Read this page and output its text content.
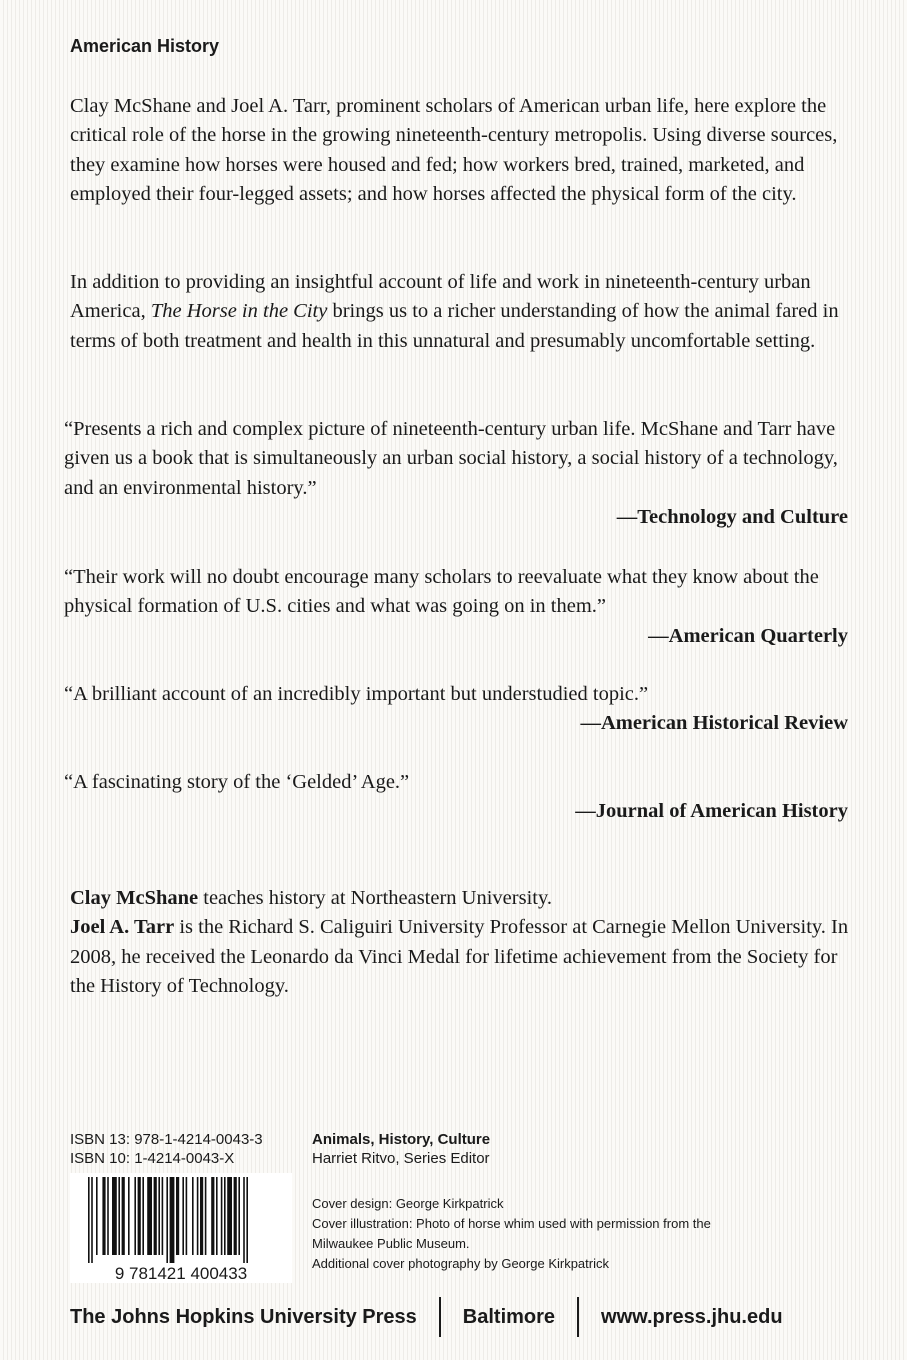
American History
Clay McShane and Joel A. Tarr, prominent scholars of American urban life, here explore the critical role of the horse in the growing nineteenth-century metropolis. Using diverse sources, they examine how horses were housed and fed; how workers bred, trained, marketed, and employed their four-legged assets; and how horses affected the physical form of the city.
In addition to providing an insightful account of life and work in nineteenth-century urban America, The Horse in the City brings us to a richer understanding of how the animal fared in terms of both treatment and health in this unnatural and presumably uncomfortable setting.
“Presents a rich and complex picture of nineteenth-century urban life. McShane and Tarr have given us a book that is simultaneously an urban social history, a social history of a technology, and an environmental history.”
—Technology and Culture
“Their work will no doubt encourage many scholars to reevaluate what they know about the physical formation of U.S. cities and what was going on in them.”
—American Quarterly
“A brilliant account of an incredibly important but understudied topic.”
—American Historical Review
“A fascinating story of the ‘Gelded’ Age.”
—Journal of American History
Clay McShane teaches history at Northeastern University.
Joel A. Tarr is the Richard S. Caliguiri University Professor at Carnegie Mellon University. In 2008, he received the Leonardo da Vinci Medal for lifetime achievement from the Society for the History of Technology.
ISBN 13: 978-1-4214-0043-3
ISBN 10: 1-4214-0043-X
9 781421 400433
Animals, History, Culture
Harriet Ritvo, Series Editor
Cover design: George Kirkpatrick
Cover illustration: Photo of horse whim used with permission from the
Milwaukee Public Museum.
Additional cover photography by George Kirkpatrick
The Johns Hopkins University Press Baltimore www.press.jhu.edu
